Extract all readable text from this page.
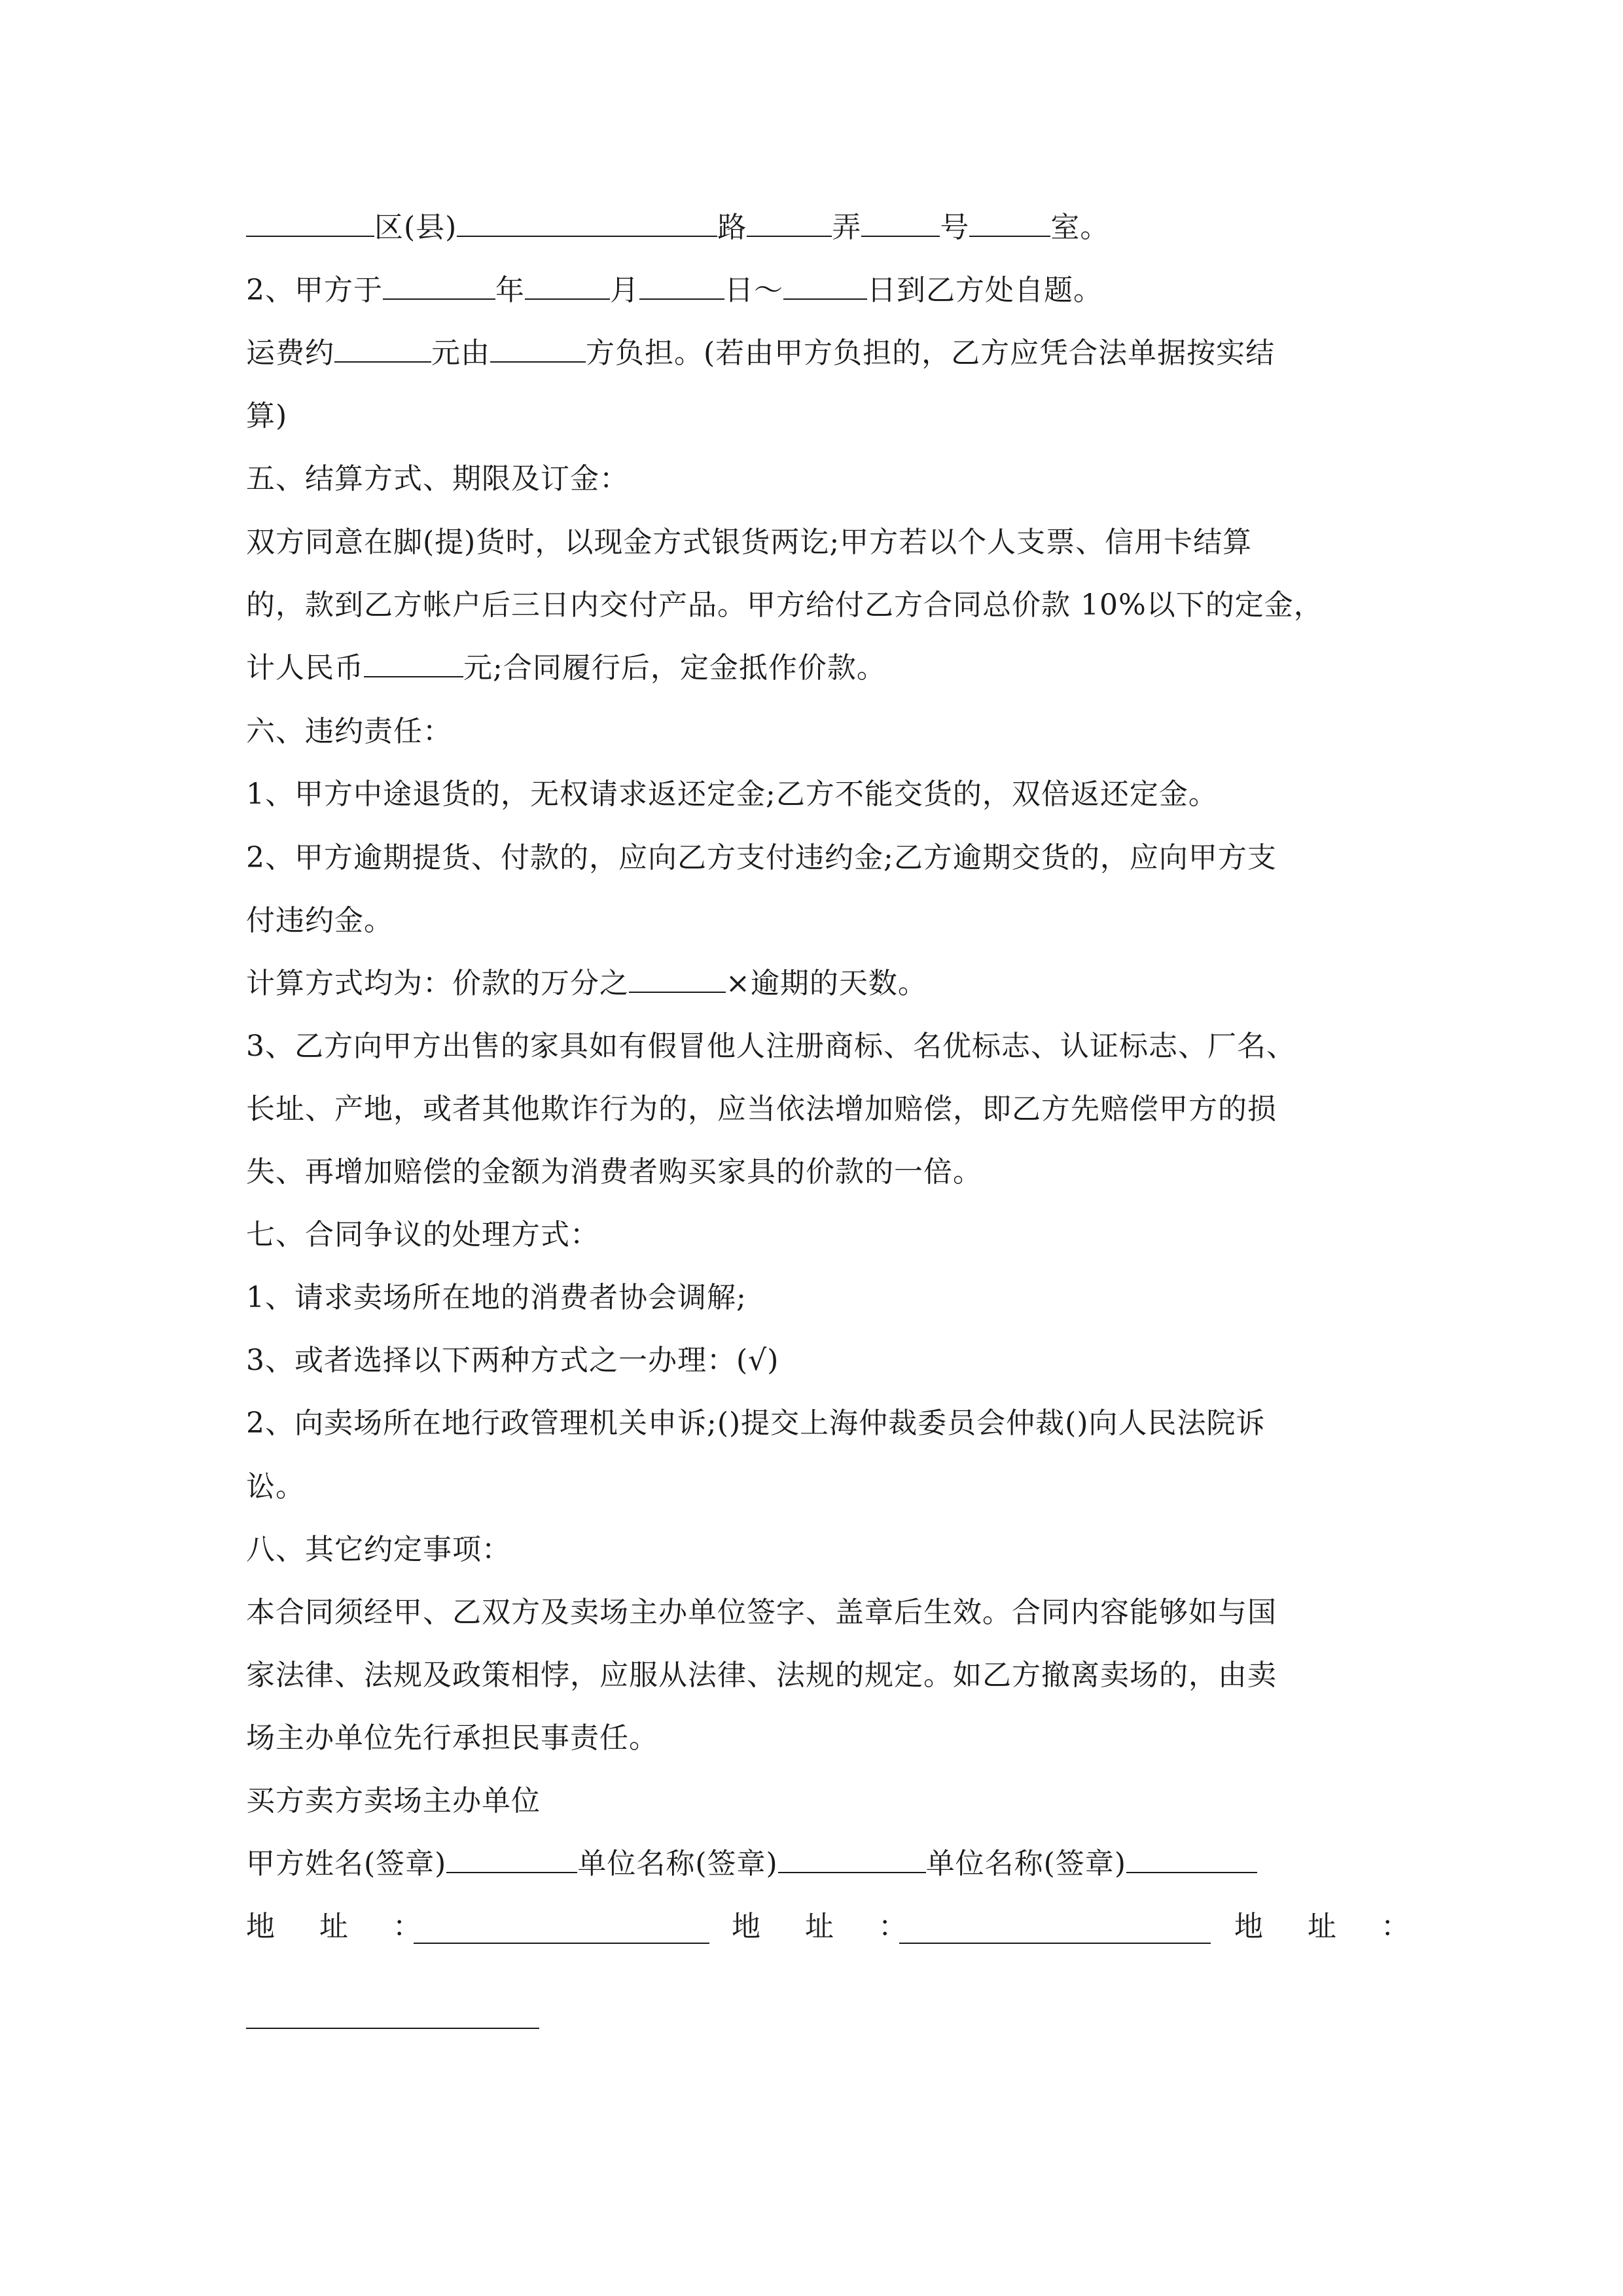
区(县)	路	弄	号	室。

2、甲方于	年	月	日～	日到乙方处自题。

运费约	元由	方负担。(若由甲方负担的，乙方应凭合法单据按实结

算)

五、结算方式、期限及订金：

双方同意在脚(提)货时，以现金方式银货两讫;甲方若以个人支票、信用卡结算

的，款到乙方帐户后三日内交付产品。甲方给付乙方合同总价款 10%以下的定金，

计人民币	元;合同履行后，定金抵作价款。

六、违约责任：

1、甲方中途退货的，无权请求返还定金;乙方不能交货的，双倍返还定金。

2、甲方逾期提货、付款的，应向乙方支付违约金;乙方逾期交货的，应向甲方支

付违约金。

计算方式均为：价款的万分之	×逾期的天数。

3、乙方向甲方出售的家具如有假冒他人注册商标、名优标志、认证标志、厂名、

长址、产地，或者其他欺诈行为的，应当依法增加赔偿，即乙方先赔偿甲方的损

失、再增加赔偿的金额为消费者购买家具的价款的一倍。

七、合同争议的处理方式：

1、请求卖场所在地的消费者协会调解;

3、或者选择以下两种方式之一办理：(√)

2、向卖场所在地行政管理机关申诉;()提交上海仲裁委员会仲裁()向人民法院诉

讼。

八、其它约定事项：

本合同须经甲、乙双方及卖场主办单位签字、盖章后生效。合同内容能够如与国

家法律、法规及政策相悖，应服从法律、法规的规定。如乙方撤离卖场的，由卖

场主办单位先行承担民事责任。

买方卖方卖场主办单位

甲方姓名(签章)	单位名称(签章)	单位名称(签章)

地　址　：	地　址　：	地　址　：
